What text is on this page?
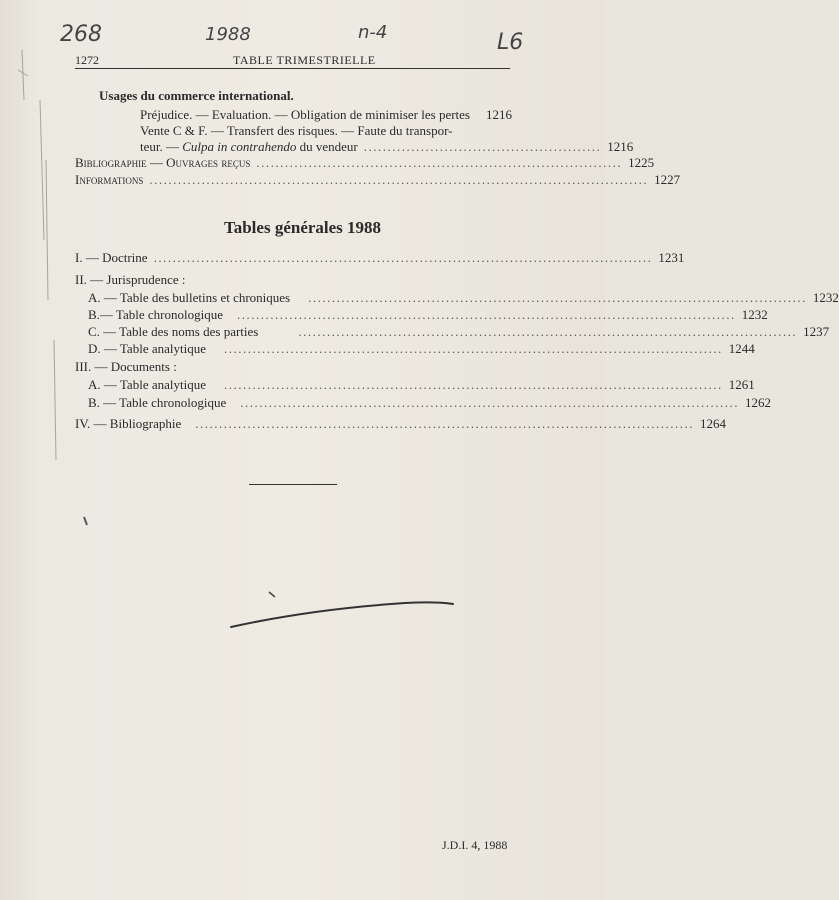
268	1988	n-4	L6
1272	TABLE TRIMESTRIELLE
Usages du commerce international.
Préjudice. — Evaluation. — Obligation de minimiser les pertes 1216
Vente C & F. — Transfert des risques. — Faute du transpor-
teur. — Culpa in contrahendo du vendeur .................................................. 1216
Bibliographie — Ouvrages reçus ............................................................................. 1225
Informations ......................................................................................................... 1227
Tables générales 1988
I. — Doctrine ......................................................................................................... 1231
II. — Jurisprudence :
A. — Table des bulletins et chroniques ......................................................................................................... 1232
B.— Table chronologique ......................................................................................................... 1232
C. — Table des noms des parties	......................................................................................................... 1237
D. — Table analytique ......................................................................................................... 1244
III. — Documents :
A. — Table analytique ......................................................................................................... 1261
B. — Table chronologique ......................................................................................................... 1262
IV. — Bibliographie ......................................................................................................... 1264
J.D.I. 4, 1988
